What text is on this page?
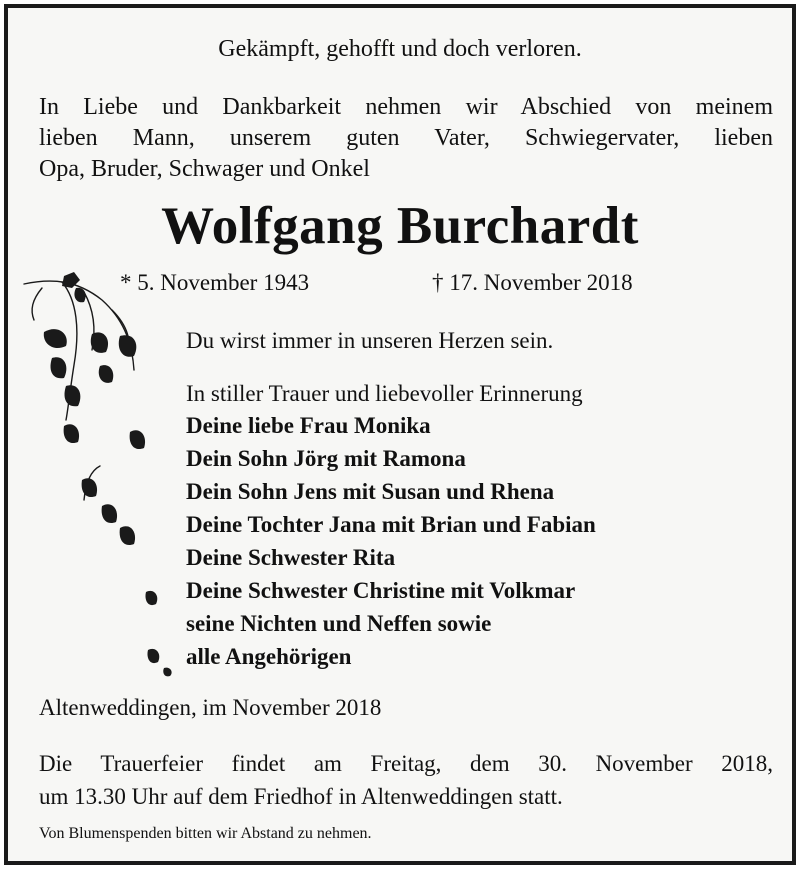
Gekämpft, gehofft und doch verloren.
In Liebe und Dankbarkeit nehmen wir Abschied von meinem
lieben Mann, unserem guten Vater, Schwiegervater, lieben
Opa, Bruder, Schwager und Onkel
Wolfgang Burchardt
* 5. November 1943	† 17. November 2018
Du wirst immer in unseren Herzen sein.
In stiller Trauer und liebevoller Erinnerung
Deine liebe Frau Monika
Dein Sohn Jörg mit Ramona
Dein Sohn Jens mit Susan und Rhena
Deine Tochter Jana mit Brian und Fabian
Deine Schwester Rita
Deine Schwester Christine mit Volkmar
seine Nichten und Neffen sowie
alle Angehörigen
Altenweddingen, im November 2018
Die Trauerfeier findet am Freitag, dem 30. November 2018,
um 13.30 Uhr auf dem Friedhof in Altenweddingen statt.
Von Blumenspenden bitten wir Abstand zu nehmen.
